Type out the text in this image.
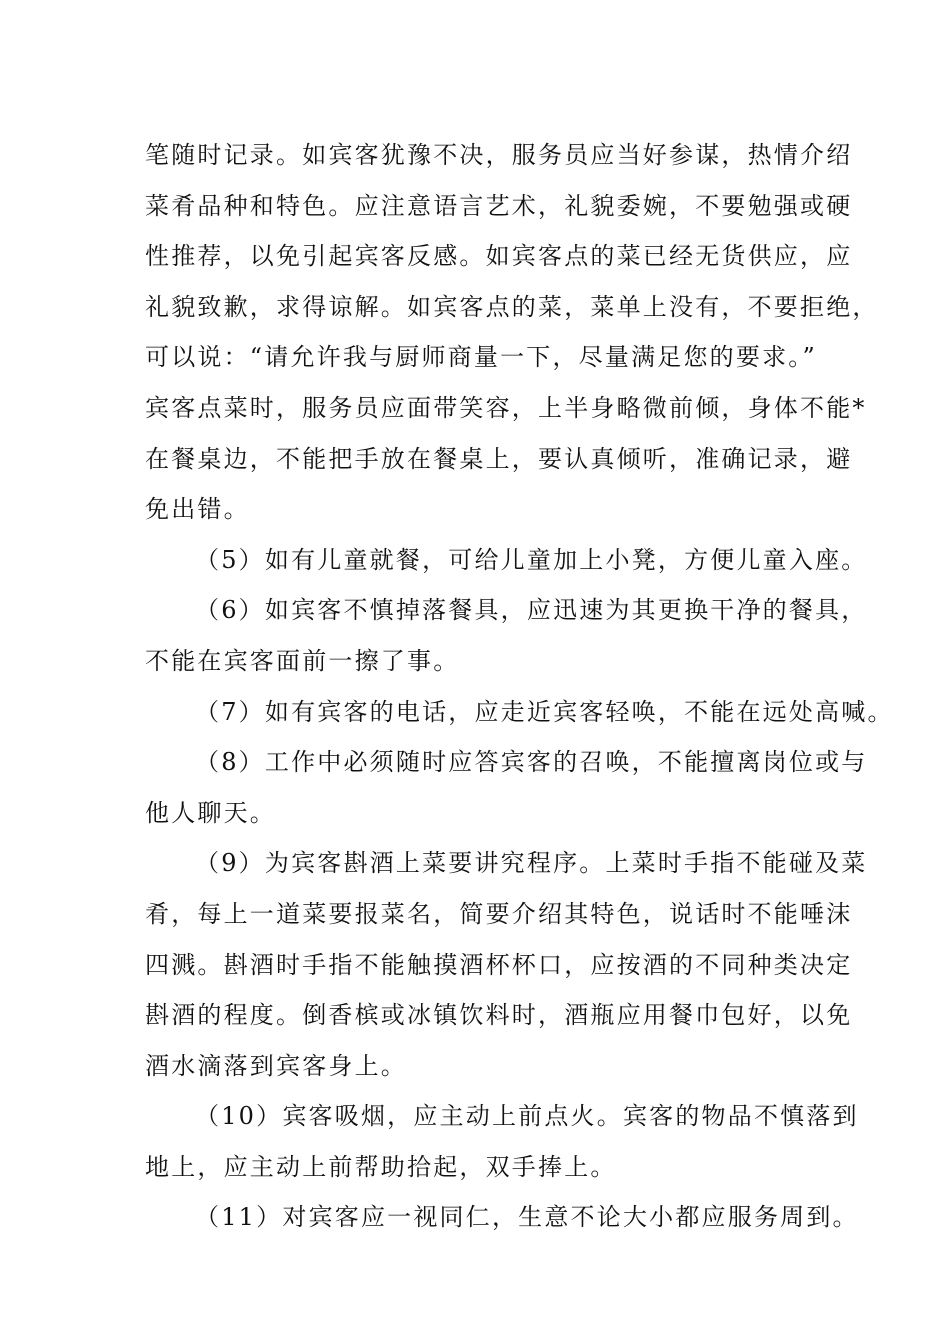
笔随时记录。如宾客犹豫不决，服务员应当好参谋，热情介绍
菜肴品种和特色。应注意语言艺术，礼貌委婉，不要勉强或硬
性推荐，以免引起宾客反感。如宾客点的菜已经无货供应，应
礼貌致歉，求得谅解。如宾客点的菜，菜单上没有，不要拒绝，
可以说：“请允许我与厨师商量一下，尽量满足您的要求。”
宾客点菜时，服务员应面带笑容，上半身略微前倾，身体不能*
在餐桌边，不能把手放在餐桌上，要认真倾听，准确记录，避
免出错。
（5）如有儿童就餐，可给儿童加上小凳，方便儿童入座。
（6）如宾客不慎掉落餐具，应迅速为其更换干净的餐具，
不能在宾客面前一擦了事。
（7）如有宾客的电话，应走近宾客轻唤，不能在远处高喊。
（8）工作中必须随时应答宾客的召唤，不能擅离岗位或与
他人聊天。
（9）为宾客斟酒上菜要讲究程序。上菜时手指不能碰及菜
肴，每上一道菜要报菜名，简要介绍其特色，说话时不能唾沫
四溅。斟酒时手指不能触摸酒杯杯口，应按酒的不同种类决定
斟酒的程度。倒香槟或冰镇饮料时，酒瓶应用餐巾包好，以免
酒水滴落到宾客身上。
（10）宾客吸烟，应主动上前点火。宾客的物品不慎落到
地上，应主动上前帮助拾起，双手捧上。
（11）对宾客应一视同仁，生意不论大小都应服务周到。
